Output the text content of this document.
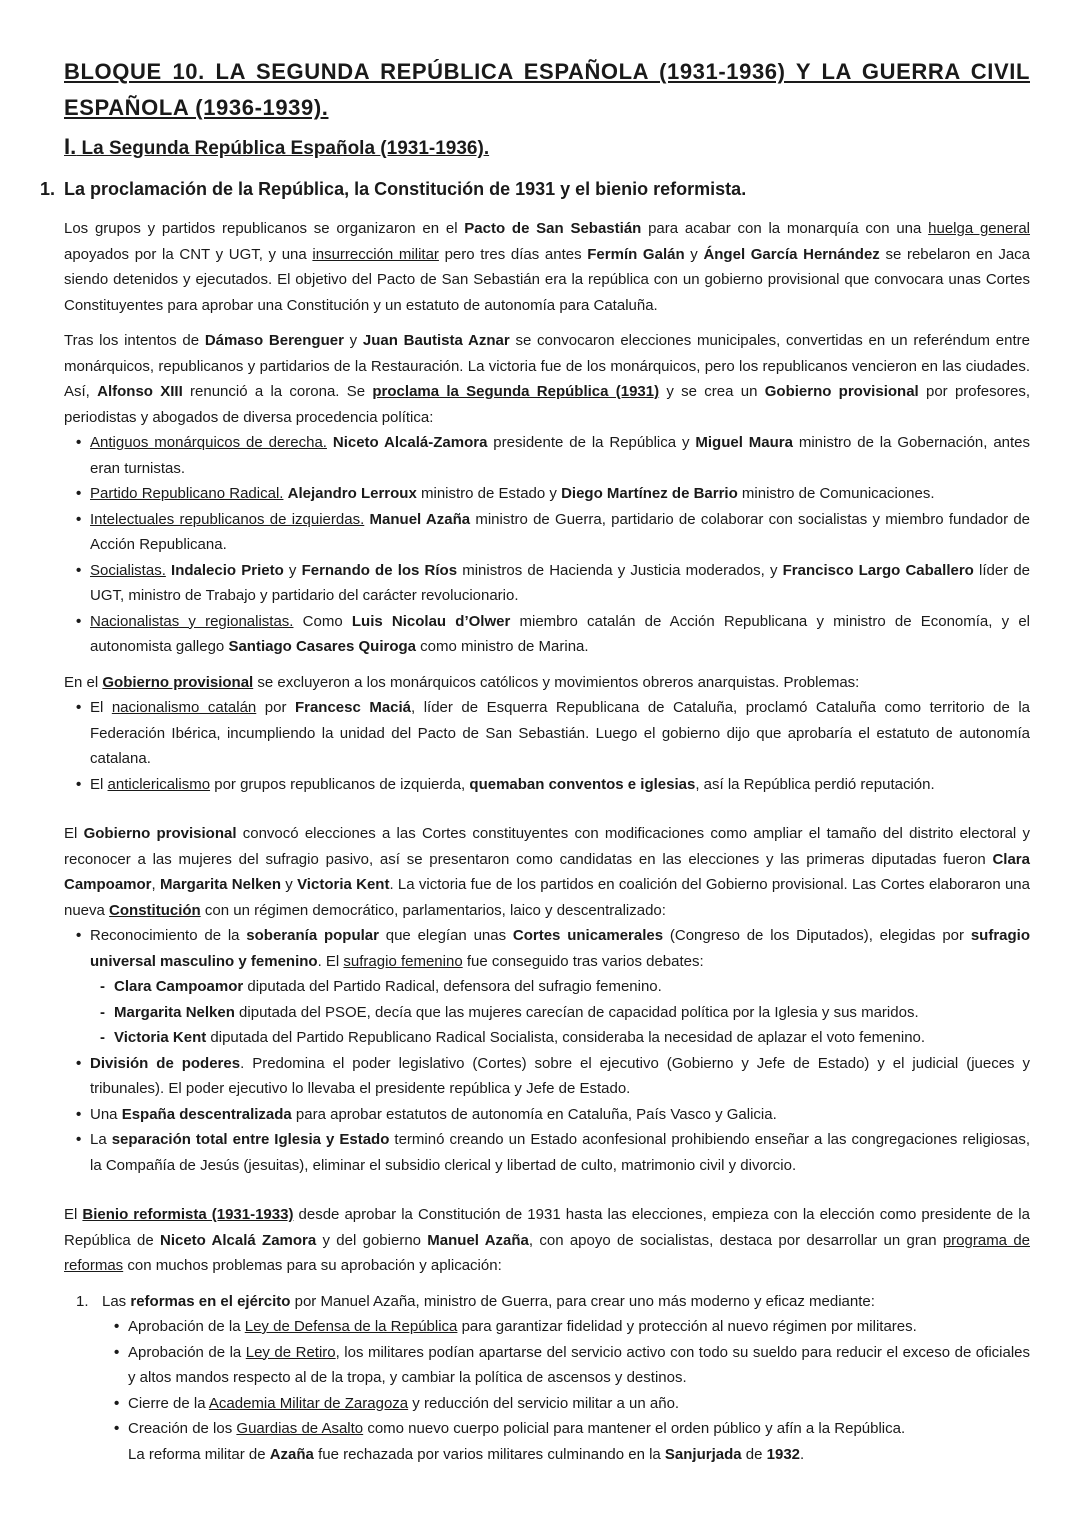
BLOQUE 10. LA SEGUNDA REPÚBLICA ESPAÑOLA (1931-1936) Y LA GUERRA CIVIL ESPAÑOLA (1936-1939).
I. La Segunda República Española (1931-1936).
1. La proclamación de la República, la Constitución de 1931 y el bienio reformista.

Los grupos y partidos republicanos se organizaron en el Pacto de San Sebastián para acabar con la monarquía con una huelga general apoyados por la CNT y UGT, y una insurrección militar pero tres días antes Fermín Galán y Ángel García Hernández se rebelaron en Jaca siendo detenidos y ejecutados. El objetivo del Pacto de San Sebastián era la república con un gobierno provisional que convocara unas Cortes Constituyentes para aprobar una Constitución y un estatuto de autonomía para Cataluña.

Tras los intentos de Dámaso Berenguer y Juan Bautista Aznar se convocaron elecciones municipales, convertidas en un referéndum entre monárquicos, republicanos y partidarios de la Restauración. La victoria fue de los monárquicos, pero los republicanos vencieron en las ciudades. Así, Alfonso XIII renunció a la corona. Se proclama la Segunda República (1931) y se crea un Gobierno provisional por profesores, periodistas y abogados de diversa procedencia política:

• Antiguos monárquicos de derecha. Niceto Alcalá-Zamora presidente de la República y Miguel Maura ministro de la Gobernación, antes eran turnistas.
• Partido Republicano Radical. Alejandro Lerroux ministro de Estado y Diego Martínez de Barrio ministro de Comunicaciones.
• Intelectuales republicanos de izquierdas. Manuel Azaña ministro de Guerra, partidario de colaborar con socialistas y miembro fundador de Acción Republicana.
• Socialistas. Indalecio Prieto y Fernando de los Ríos ministros de Hacienda y Justicia moderados, y Francisco Largo Caballero líder de UGT, ministro de Trabajo y partidario del carácter revolucionario.
• Nacionalistas y regionalistas. Como Luis Nicolau d’Olwer miembro catalán de Acción Republicana y ministro de Economía, y el autonomista gallego Santiago Casares Quiroga como ministro de Marina.

En el Gobierno provisional se excluyeron a los monárquicos católicos y movimientos obreros anarquistas. Problemas:

• El nacionalismo catalán por Francesc Maciá, líder de Esquerra Republicana de Cataluña, proclamó Cataluña como territorio de la Federación Ibérica, incumpliendo la unidad del Pacto de San Sebastián. Luego el gobierno dijo que aprobaría el estatuto de autonomía catalana.
• El anticlericalismo por grupos republicanos de izquierda, quemaban conventos e iglesias, así la República perdió reputación.

El Gobierno provisional convocó elecciones a las Cortes constituyentes con modificaciones como ampliar el tamaño del distrito electoral y reconocer a las mujeres del sufragio pasivo, así se presentaron como candidatas en las elecciones y las primeras diputadas fueron Clara Campoamor, Margarita Nelken y Victoria Kent. La victoria fue de los partidos en coalición del Gobierno provisional. Las Cortes elaboraron una nueva Constitución con un régimen democrático, parlamentarios, laico y descentralizado:

• Reconocimiento de la soberanía popular que elegían unas Cortes unicamerales (Congreso de los Diputados), elegidas por sufragio universal masculino y femenino. El sufragio femenino fue conseguido tras varios debates:
- Clara Campoamor diputada del Partido Radical, defensora del sufragio femenino.
- Margarita Nelken diputada del PSOE, decía que las mujeres carecían de capacidad política por la Iglesia y sus maridos.
- Victoria Kent diputada del Partido Republicano Radical Socialista, consideraba la necesidad de aplazar el voto femenino.
• División de poderes. Predomina el poder legislativo (Cortes) sobre el ejecutivo (Gobierno y Jefe de Estado) y el judicial (jueces y tribunales). El poder ejecutivo lo llevaba el presidente república y Jefe de Estado.
• Una España descentralizada para aprobar estatutos de autonomía en Cataluña, País Vasco y Galicia.
• La separación total entre Iglesia y Estado terminó creando un Estado aconfesional prohibiendo enseñar a las congregaciones religiosas, la Compañía de Jesús (jesuitas), eliminar el subsidio clerical y libertad de culto, matrimonio civil y divorcio.

El Bienio reformista (1931-1933) desde aprobar la Constitución de 1931 hasta las elecciones, empieza con la elección como presidente de la República de Niceto Alcalá Zamora y del gobierno Manuel Azaña, con apoyo de socialistas, destaca por desarrollar un gran programa de reformas con muchos problemas para su aprobación y aplicación:

1. Las reformas en el ejército por Manuel Azaña, ministro de Guerra, para crear uno más moderno y eficaz mediante:
• Aprobación de la Ley de Defensa de la República para garantizar fidelidad y protección al nuevo régimen por militares.
• Aprobación de la Ley de Retiro, los militares podían apartarse del servicio activo con todo su sueldo para reducir el exceso de oficiales y altos mandos respecto al de la tropa, y cambiar la política de ascensos y destinos.
• Cierre de la Academia Militar de Zaragoza y reducción del servicio militar a un año.
• Creación de los Guardias de Asalto como nuevo cuerpo policial para mantener el orden público y afín a la República.
La reforma militar de Azaña fue rechazada por varios militares culminando en la Sanjurjada de 1932.
